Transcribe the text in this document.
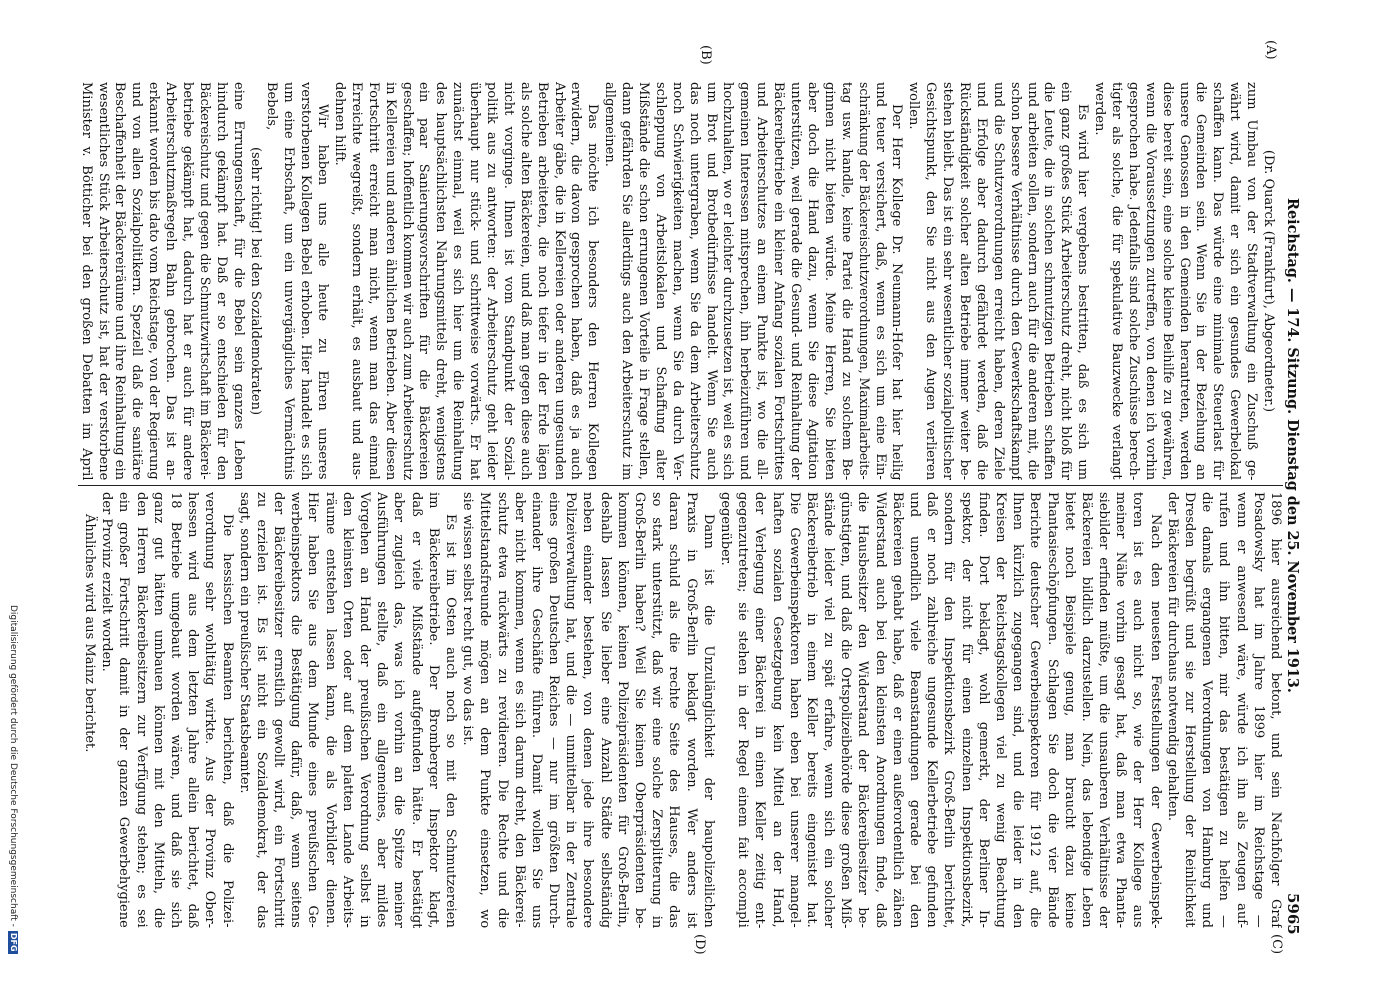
Reichstag. — 174. Sitzung. Dienstag den 25. November 1913.
5965
(A)
(B)
(C)
(D)
(Dr. Quarck (Frankfurt), Abgeordneter.)
zum Umbau von der Stadtverwaltung ein Zuschuß ge-
währt wird, damit er sich ein gesundes Gewerbelokal
schaffen kann. Das würde eine minimale Steuerlast für
die Gemeinden sein. Wenn Sie in der Beziehung an
unsere Genossen in den Gemeinden herantreten, werden
diese bereit sein, eine solche kleine Beihilfe zu gewähren,
wenn die Voraussetzungen zutreffen, von denen ich vorhin
gesprochen habe. Jedenfalls sind solche Zuschüsse berech-
tigter als solche, die für spekulative Bauzwecke verlangt
werden.
Es wird hier vergebens bestritten, daß es sich um
ein ganz großes Stück Arbeiterschutz dreht, nicht bloß für
die Leute, die in solchen schmutzigen Betrieben schaffen
und arbeiten sollen, sondern auch für die anderen mit, die
schon bessere Verhältnisse durch den Gewerkschaftskampf
und die Schutzverordnungen erreicht haben, deren Ziele
und Erfolge aber dadurch gefährdet werden, daß die
Rückständigkeit solcher alten Betriebe immer weiter be-
stehen bleibt. Das ist ein sehr wesentlicher sozialpolitischer
Gesichtspunkt, den Sie nicht aus den Augen verlieren
wollen.
Der Herr Kollege Dr. Neumann-Hofer hat hier heilig
und teuer versichert, daß, wenn es sich um eine Ein-
schränkung der Bäckereischutzverordnungen, Maximalarbeits-
tag usw. handle, keine Partei die Hand zu solchem Be-
ginnen nicht bieten würde. Meine Herren, Sie bieten
aber doch die Hand dazu, wenn Sie diese Agitation
unterstützen, weil gerade die Gesund- und Reinhaltung der
Bäckereibetriebe ein kleiner Anfang sozialen Fortschrittes
und Arbeiterschutzes an einem Punkte ist, wo die all-
gemeinen Interessen mitsprechen, ihn herbeizuführen und
hochzuhalten, wo er leichter durchzusetzen ist, weil es sich
um Brot und Brotbedürfnisse handelt. Wenn Sie auch
das noch untergraben, wenn Sie da dem Arbeiterschutz
noch Schwierigkeiten machen, wenn Sie da durch Ver-
schleppung von Arbeitslokalen und Schaffung alter
Mißstände die schon errungenen Vorteile in Frage stellen,
dann gefährden Sie allerdings auch den Arbeiterschutz im
allgemeinen.
Das möchte ich besonders den Herren Kollegen
erwidern, die davon gesprochen haben, daß es ja auch
Arbeiter gäbe, die in Kellereien oder anderen ungesunden
Betrieben arbeiteten, die noch tiefer in der Erde lägen
als solche alten Bäckereien, und daß man gegen diese auch
nicht vorginge. Ihnen ist vom Standpunkt der Sozial-
politik aus zu antworten: der Arbeiterschutz geht leider
überhaupt nur stück- und schrittweise vorwärts. Er hat
zunächst einmal, weil es sich hier um die Reinhaltung
des hauptsächlichsten Nahrungsmittels dreht, wenigstens
ein paar Sanierungsvorschriften für die Bäckereien
geschaffen; hoffentlich kommen wir auch zum Arbeiterschutz
in Kellereien und anderen ähnlichen Betrieben. Aber diesen
Fortschritt erreicht man nicht, wenn man das einmal
Erreichte wegreißt, sondern erhält, es ausbaut und aus-
dehnen hilft.
Wir haben uns alle heute zu Ehren unseres
verstorbenen Kollegen Bebel erhoben. Hier handelt es sich
um eine Erbschaft, um ein unvergängliches Vermächtnis
Bebels,
(sehr richtig! bei den Sozialdemokraten)
eine Errungenschaft, für die Bebel sein ganzes Leben
hindurch gekämpft hat. Daß er so entschieden für den
Bäckereischutz und gegen die Schmutzwirtschaft im Bäckerei-
betriebe gekämpft hat, dadurch hat er auch für andere
Arbeiterschutzmaßregeln Bahn gebrochen. Das ist an-
erkannt worden bis dato vom Reichstage, von der Regierung
und von allen Sozialpolitikern. Speziell daß die sanitäre
Beschaffenheit der Bäckereiräume und ihre Reinhaltung ein
wesentliches Stück Arbeiterschutz ist, hat der verstorbene
Minister v. Bötticher bei den großen Debatten im April
1896 hier ausreichend betont, und sein Nachfolger Graf
Posadowsky hat im Jahre 1899 hier im Reichstage —
wenn er anwesend wäre, würde ich ihn als Zeugen auf-
rufen und ihn bitten, mir das bestätigen zu helfen —
die damals ergangenen Verordnungen von Hamburg und
Dresden begrüßt und sie zur Herstellung der Reinlichkeit
der Bäckereien für durchaus notwendig gehalten.
Nach den neuesten Feststellungen der Gewerbeinspek-
toren ist es auch nicht so, wie der Herr Kollege aus
meiner Nähe vorhin gesagt hat, daß man etwa Phanta-
siebilder erfinden müßte, um die unsauberen Verhältnisse der
Bäckereien bildlich darzustellen. Nein, das lebendige Leben
bietet noch Beispiele genug, man braucht dazu keine
Phantasieschöpfungen. Schlagen Sie doch die vier Bände
Berichte deutscher Gewerbeinspektoren für 1912 auf, die
Ihnen kürzlich zugegangen sind, und die leider in den
Kreisen der Reichstagskollegen viel zu wenig Beachtung
finden. Dort beklagt, wohl gemerkt, der Berliner In-
spektor, der nicht für einen einzelnen Inspektionsbezirk,
sondern für den Inspektionsbezirk Groß-Berlin berichtet,
daß er noch zahlreiche ungesunde Kellerbetriebe gefunden
und unendlich viele Beanstandungen gerade bei den
Bäckereien gehabt habe, daß er einen außerordentlich zähen
Widerstand auch bei den kleinsten Anordnungen finde, daß
die Hausbesitzer den Widerstand der Bäckereibesitzer be-
günstigten, und daß die Ortspolizeibehörde diese großen Miß-
stände leider viel zu spät erfahre, wenn sich ein solcher
Bäckereibetrieb in einem Keller bereits eingenistet hat.
Die Gewerbeinspektoren haben eben bei unserer mangel-
haften sozialen Gesetzgebung kein Mittel an der Hand,
der Verlegung einer Bäckerei in einen Keller zeitig ent-
gegenzutreten; sie stehen in der Regel einem fait accompli
gegenüber.
Dann ist die Unzulänglichkeit der baupolizeilichen
Praxis in Groß-Berlin beklagt worden. Wer anders ist
daran schuld als die rechte Seite des Hauses, die das
so stark unterstützt, daß wir eine solche Zersplitterung in
Groß-Berlin haben? Weil Sie keinen Oberpräsidenten be-
kommen können, keinen Polizeipräsidenten für Groß-Berlin,
deshalb lassen Sie lieber eine Anzahl Städte selbständig
neben einander bestehen, von denen jede ihre besondere
Polizeiverwaltung hat, und die — unmittelbar in der Zentrale
eines großen Deutschen Reiches — nur im größten Durch-
einander ihre Geschäfte führen. Damit wollen Sie uns
aber nicht kommen, wenn es sich darum dreht, den Bäckerei-
schutz etwa rückwärts zu revidieren. Die Rechte und die
Mittelstandsfreunde mögen an dem Punkte einsetzen, wo
sie wissen selbst recht gut, wo das ist.
Es ist im Osten auch noch so mit den Schmutzereien
im Bäckereibetriebe. Der Bromberger Inspektor klagt,
daß er viele Mißstände aufgefunden hätte. Er bestätigt
aber zugleich das, was ich vorhin an die Spitze meiner
Ausführungen stellte, daß ein allgemeines, aber mildes
Vorgehen an Hand der preußischen Verordnung selbst in
den kleinsten Orten oder auf dem platten Lande Arbeits-
räume entstehen lassen kann, die als Vorbilder dienen.
Hier haben Sie aus dem Munde eines preußischen Ge-
werbeinspektors die Bestätigung dafür, daß, wenn seitens
der Bäckereibesitzer ernstlich gewollt wird, ein Fortschritt
zu erzielen ist. Es ist nicht ein Sozialdemokrat, der das
sagt, sondern ein preußischer Staatsbeamter.
Die hessischen Beamten berichten, daß die Polizei-
verordnung sehr wohltätig wirkte. Aus der Provinz Ober-
hessen wird aus dem letzten Jahre allein berichtet, daß
18 Betriebe umgebaut worden wären, und daß sie sich
ganz gut hätten umbauen können mit den Mitteln, die
den Herren Bäckereibesitzern zur Verfügung stehen; es sei
ein großer Fortschritt damit in der ganzen Gewerbehygiene
der Provinz erzielt worden.
Ähnliches wird aus Mainz berichtet.
Digitalisierung gefördert durch die Deutsche Forschungsgemeinschaft -DFG
